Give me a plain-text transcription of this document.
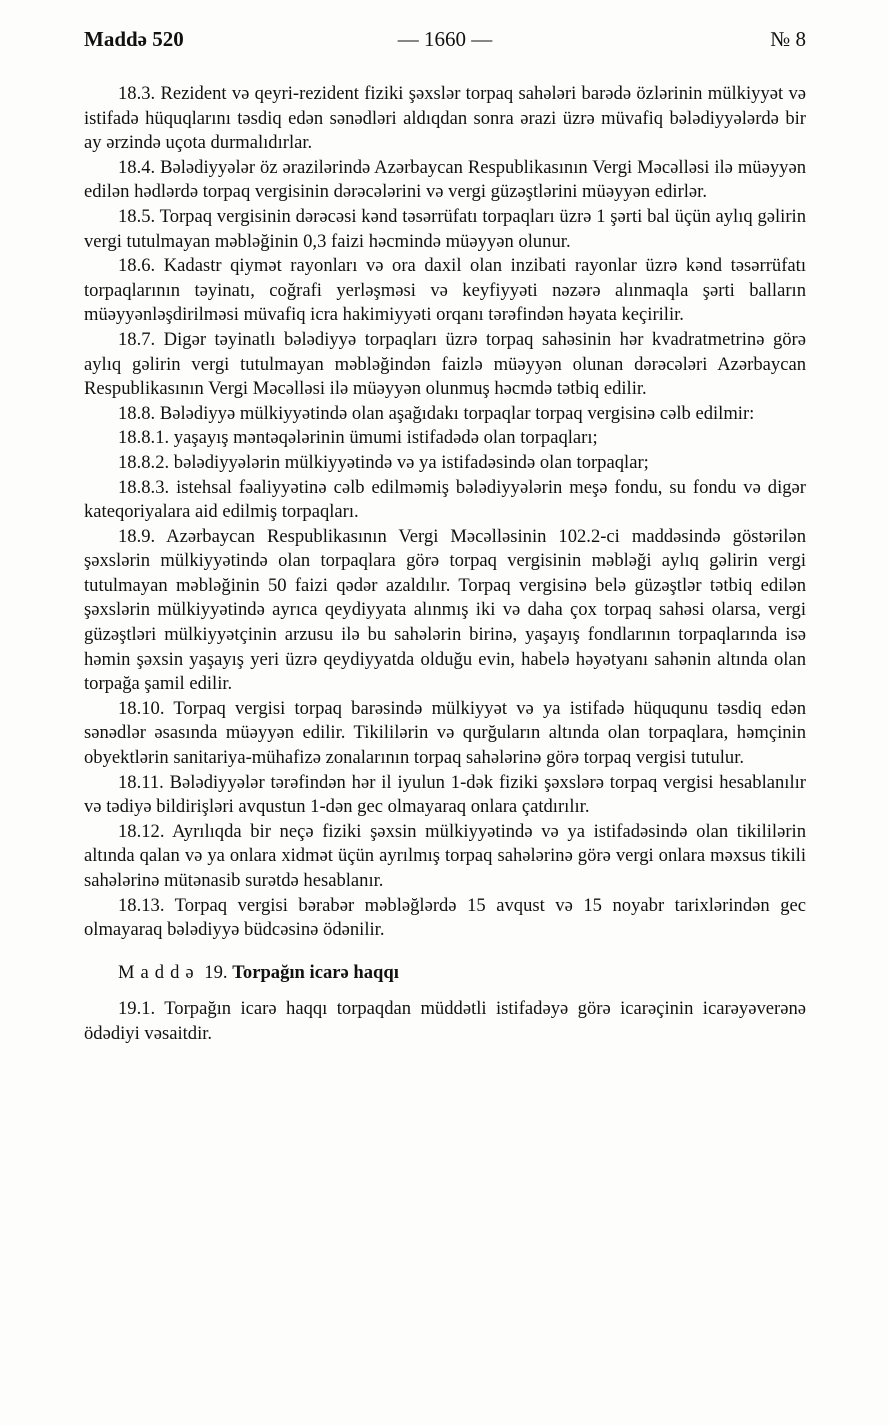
Maddə 520	— 1660 —	№ 8

18.3. Rezident və qeyri-rezident fiziki şəxslər torpaq sahələri barədə özlərinin mülkiyyət və istifadə hüquqlarını təsdiq edən sənədləri aldıqdan sonra ərazi üzrə müvafiq bələdiyyələrdə bir ay ərzində uçota durmalıdırlar.

18.4. Bələdiyyələr öz ərazilərində Azərbaycan Respublikasının Vergi Məcəlləsi ilə müəyyən edilən hədlərdə torpaq vergisinin dərəcələrini və vergi güzəştlərini müəyyən edirlər.

18.5. Torpaq vergisinin dərəcəsi kənd təsərrüfatı torpaqları üzrə 1 şərti bal üçün aylıq gəlirin vergi tutulmayan məbləğinin 0,3 faizi həcmində müəyyən olunur.

18.6. Kadastr qiymət rayonları və ora daxil olan inzibati rayonlar üzrə kənd təsərrüfatı torpaqlarının təyinatı, coğrafi yerləşməsi və keyfiyyəti nəzərə alınmaqla şərti balların müəyyənləşdirilməsi müvafiq icra hakimiyyəti orqanı tərəfindən həyata keçirilir.

18.7. Digər təyinatlı bələdiyyə torpaqları üzrə torpaq sahəsinin hər kvadratmetrinə görə aylıq gəlirin vergi tutulmayan məbləğindən faizlə müəyyən olunan dərəcələri Azərbaycan Respublikasının Vergi Məcəlləsi ilə müəyyən olunmuş həcmdə tətbiq edilir.

18.8. Bələdiyyə mülkiyyətində olan aşağıdakı torpaqlar torpaq vergisinə cəlb edilmir:

18.8.1. yaşayış məntəqələrinin ümumi istifadədə olan torpaqları;

18.8.2. bələdiyyələrin mülkiyyətində və ya istifadəsində olan torpaqlar;

18.8.3. istehsal fəaliyyətinə cəlb edilməmiş bələdiyyələrin meşə fondu, su fondu və digər kateqoriyalara aid edilmiş torpaqları.

18.9. Azərbaycan Respublikasının Vergi Məcəlləsinin 102.2-ci maddəsində göstərilən şəxslərin mülkiyyətində olan torpaqlara görə torpaq vergisinin məbləği aylıq gəlirin vergi tutulmayan məbləğinin 50 faizi qədər azaldılır. Torpaq vergisinə belə güzəştlər tətbiq edilən şəxslərin mülkiyyətində ayrıca qeydiyyata alınmış iki və daha çox torpaq sahəsi olarsa, vergi güzəştləri mülkiyyətçinin arzusu ilə bu sahələrin birinə, yaşayış fondlarının torpaqlarında isə həmin şəxsin yaşayış yeri üzrə qeydiyyatda olduğu evin, habelə həyətyanı sahənin altında olan torpağa şamil edilir.

18.10. Torpaq vergisi torpaq barəsində mülkiyyət və ya istifadə hüququnu təsdiq edən sənədlər əsasında müəyyən edilir. Tikililərin və qurğuların altında olan torpaqlara, həmçinin obyektlərin sanitariya-mühafizə zonalarının torpaq sahələrinə görə torpaq vergisi tutulur.

18.11. Bələdiyyələr tərəfindən hər il iyulun 1-dək fiziki şəxslərə torpaq vergisi hesablanılır və tədiyə bildirişləri avqustun 1-dən gec olmayaraq onlara çatdırılır.

18.12. Ayrılıqda bir neçə fiziki şəxsin mülkiyyətində və ya istifadəsində olan tikililərin altında qalan və ya onlara xidmət üçün ayrılmış torpaq sahələrinə görə vergi onlara məxsus tikili sahələrinə mütənasib surətdə hesablanır.

18.13. Torpaq vergisi bərabər məbləğlərdə 15 avqust və 15 noyabr tarixlərindən gec olmayaraq bələdiyyə büdcəsinə ödənilir.

Maddə 19. Torpağın icarə haqqı

19.1. Torpağın icarə haqqı torpaqdan müddətli istifadəyə görə icarəçinin icarəyəverənə ödədiyi vəsaitdir.
